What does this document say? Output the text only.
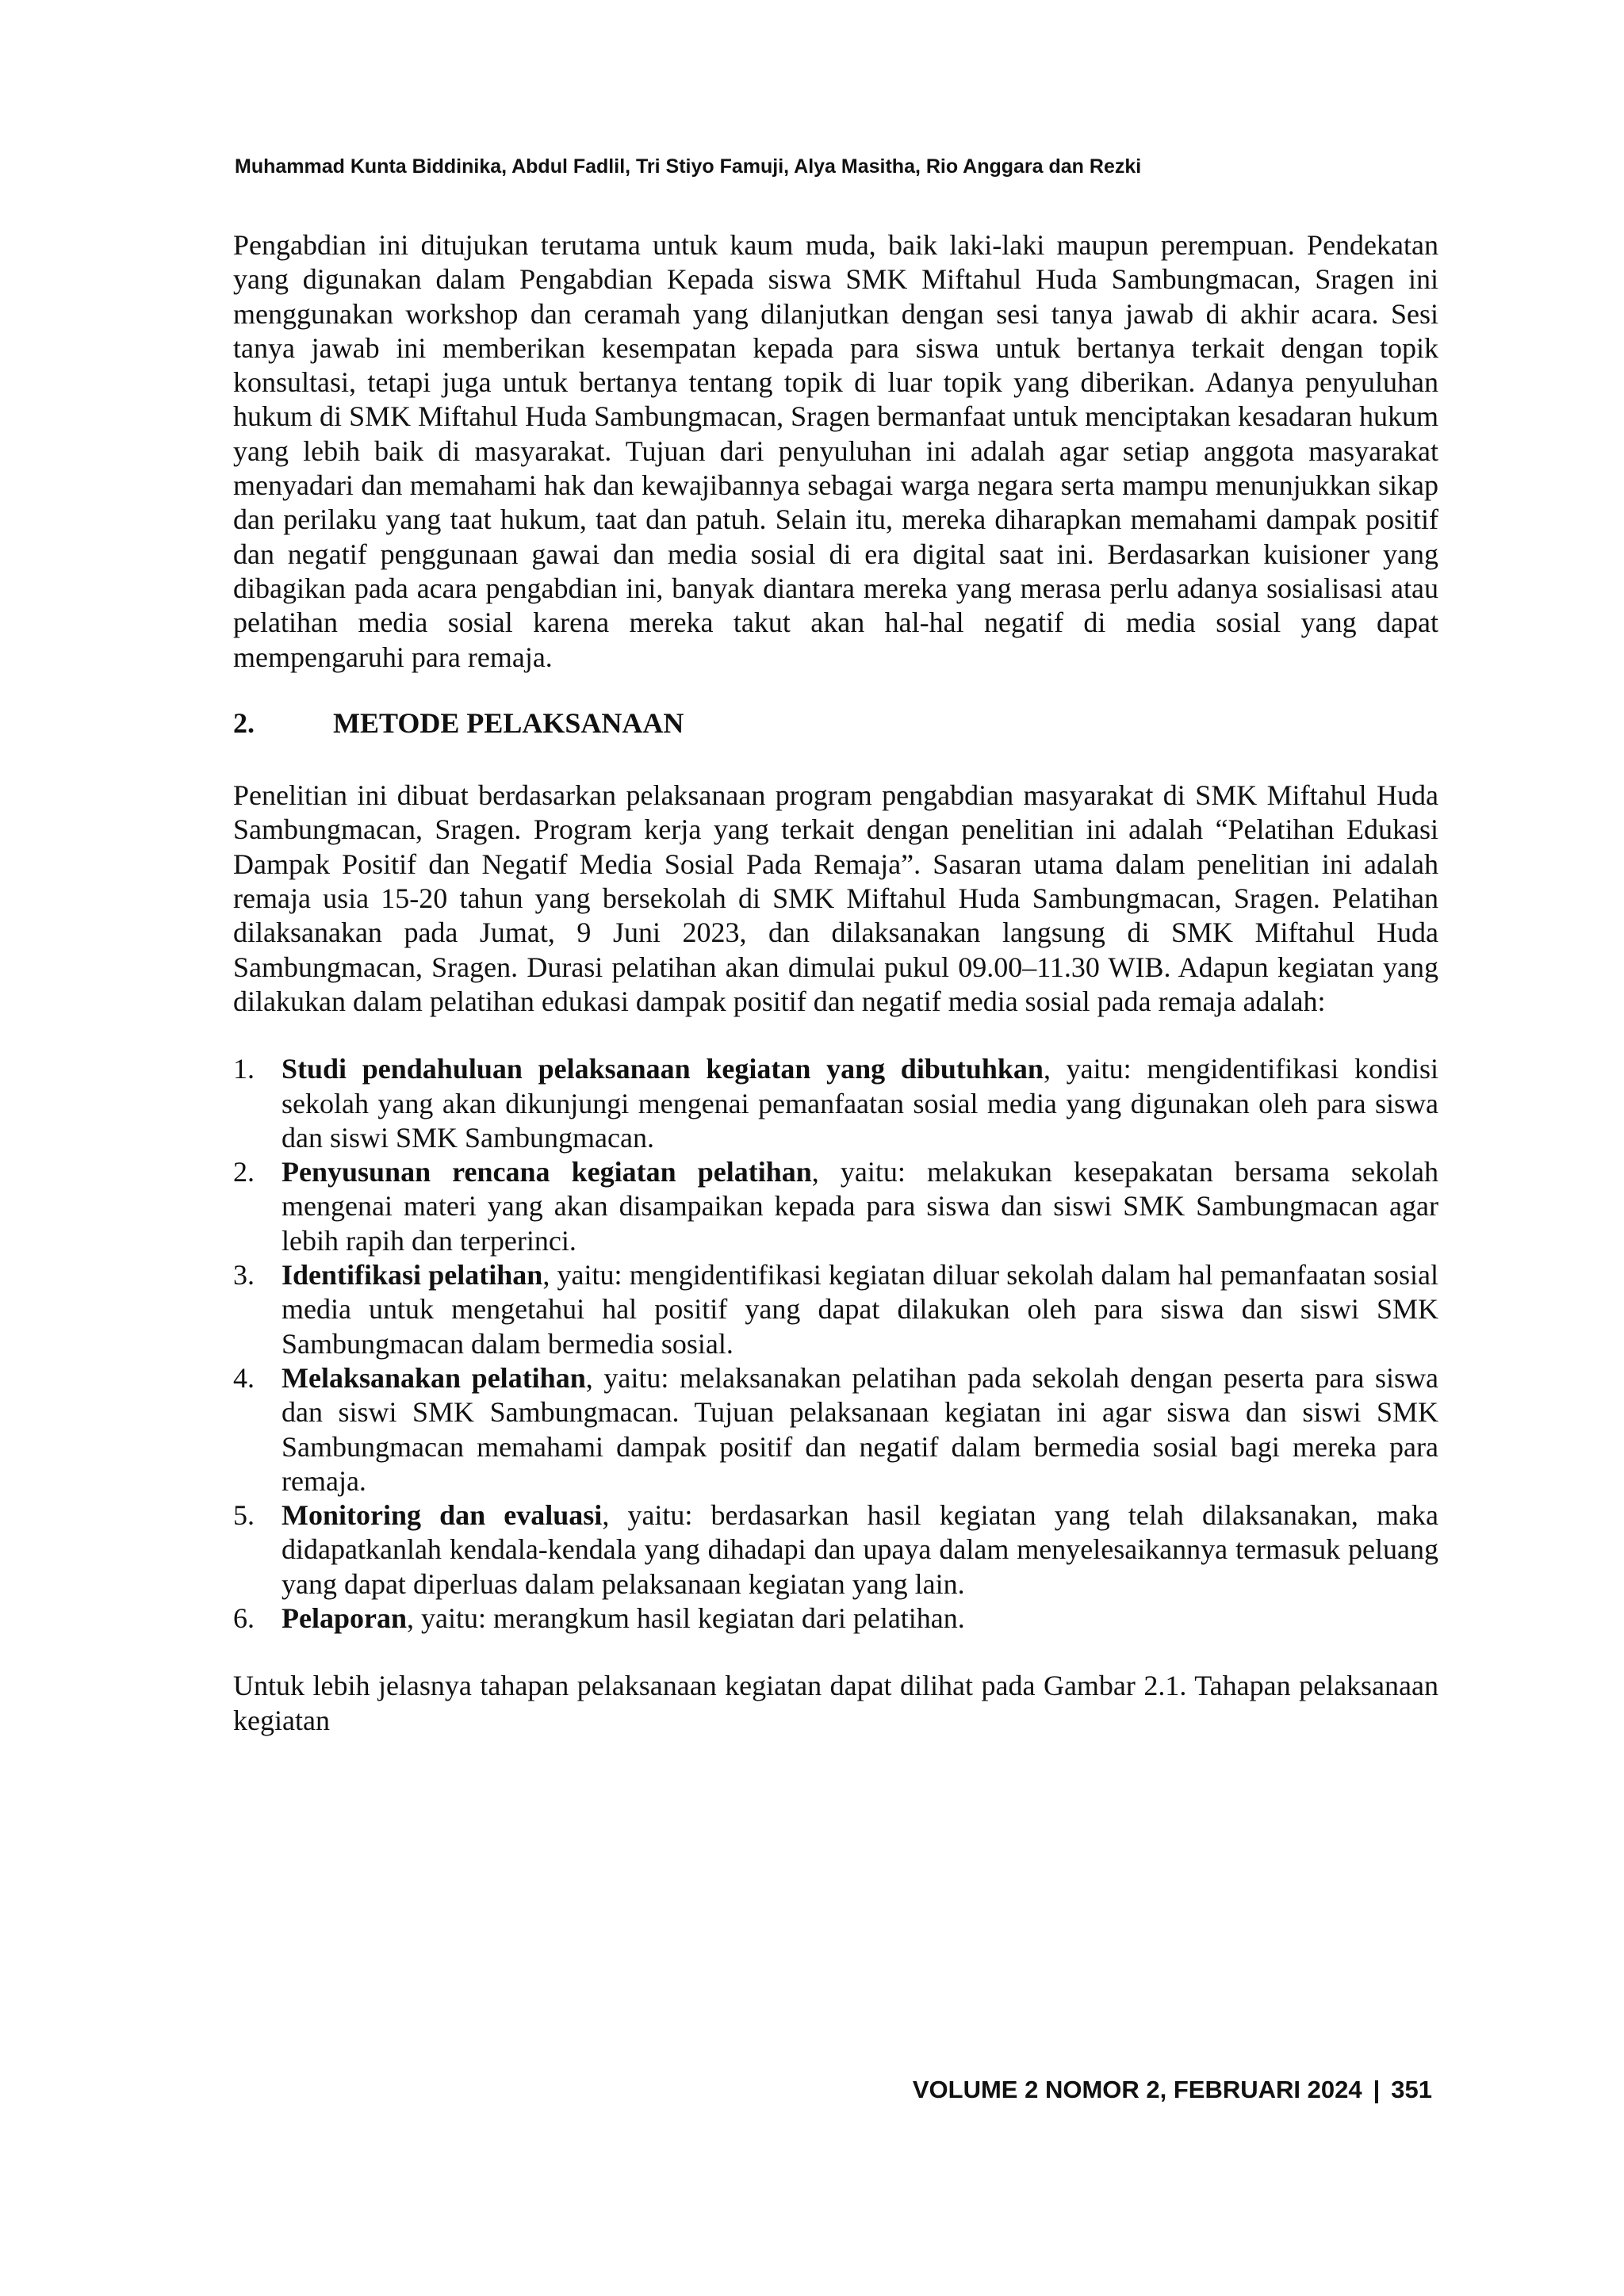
Muhammad Kunta Biddinika, Abdul Fadlil, Tri Stiyo Famuji, Alya Masitha, Rio Anggara dan Rezki

Pengabdian ini ditujukan terutama untuk kaum muda, baik laki-laki maupun perempuan. Pendekatan yang digunakan dalam Pengabdian Kepada siswa SMK Miftahul Huda Sambungmacan, Sragen ini menggunakan workshop dan ceramah yang dilanjutkan dengan sesi tanya jawab di akhir acara. Sesi tanya jawab ini memberikan kesempatan kepada para siswa untuk bertanya terkait dengan topik konsultasi, tetapi juga untuk bertanya tentang topik di luar topik yang diberikan. Adanya penyuluhan hukum di SMK Miftahul Huda Sambungmacan, Sragen bermanfaat untuk menciptakan kesadaran hukum yang lebih baik di masyarakat. Tujuan dari penyuluhan ini adalah agar setiap anggota masyarakat menyadari dan memahami hak dan kewajibannya sebagai warga negara serta mampu menunjukkan sikap dan perilaku yang taat hukum, taat dan patuh. Selain itu, mereka diharapkan memahami dampak positif dan negatif penggunaan gawai dan media sosial di era digital saat ini. Berdasarkan kuisioner yang dibagikan pada acara pengabdian ini, banyak diantara mereka yang merasa perlu adanya sosialisasi atau pelatihan media sosial karena mereka takut akan hal-hal negatif di media sosial yang dapat mempengaruhi para remaja.

2.	METODE PELAKSANAAN

Penelitian ini dibuat berdasarkan pelaksanaan program pengabdian masyarakat di SMK Miftahul Huda Sambungmacan, Sragen. Program kerja yang terkait dengan penelitian ini adalah “Pelatihan Edukasi Dampak Positif dan Negatif Media Sosial Pada Remaja”. Sasaran utama dalam penelitian ini adalah remaja usia 15-20 tahun yang bersekolah di SMK Miftahul Huda Sambungmacan, Sragen. Pelatihan dilaksanakan pada Jumat, 9 Juni 2023, dan dilaksanakan langsung di SMK Miftahul Huda Sambungmacan, Sragen. Durasi pelatihan akan dimulai pukul 09.00–11.30 WIB. Adapun kegiatan yang dilakukan dalam pelatihan edukasi dampak positif dan negatif media sosial pada remaja adalah:

1. Studi pendahuluan pelaksanaan kegiatan yang dibutuhkan, yaitu: mengidentifikasi kondisi sekolah yang akan dikunjungi mengenai pemanfaatan sosial media yang digunakan oleh para siswa dan siswi SMK Sambungmacan.
2. Penyusunan rencana kegiatan pelatihan, yaitu: melakukan kesepakatan bersama sekolah mengenai materi yang akan disampaikan kepada para siswa dan siswi SMK Sambungmacan agar lebih rapih dan terperinci.
3. Identifikasi pelatihan, yaitu: mengidentifikasi kegiatan diluar sekolah dalam hal pemanfaatan sosial media untuk mengetahui hal positif yang dapat dilakukan oleh para siswa dan siswi SMK Sambungmacan dalam bermedia sosial.
4. Melaksanakan pelatihan, yaitu: melaksanakan pelatihan pada sekolah dengan peserta para siswa dan siswi SMK Sambungmacan. Tujuan pelaksanaan kegiatan ini agar siswa dan siswi SMK Sambungmacan memahami dampak positif dan negatif dalam bermedia sosial bagi mereka para remaja.
5. Monitoring dan evaluasi, yaitu: berdasarkan hasil kegiatan yang telah dilaksanakan, maka didapatkanlah kendala-kendala yang dihadapi dan upaya dalam menyelesaikannya termasuk peluang yang dapat diperluas dalam pelaksanaan kegiatan yang lain.
6. Pelaporan, yaitu: merangkum hasil kegiatan dari pelatihan.

Untuk lebih jelasnya tahapan pelaksanaan kegiatan dapat dilihat pada Gambar 2.1. Tahapan pelaksanaan kegiatan

VOLUME 2 NOMOR 2, FEBRUARI 2024 | 351
